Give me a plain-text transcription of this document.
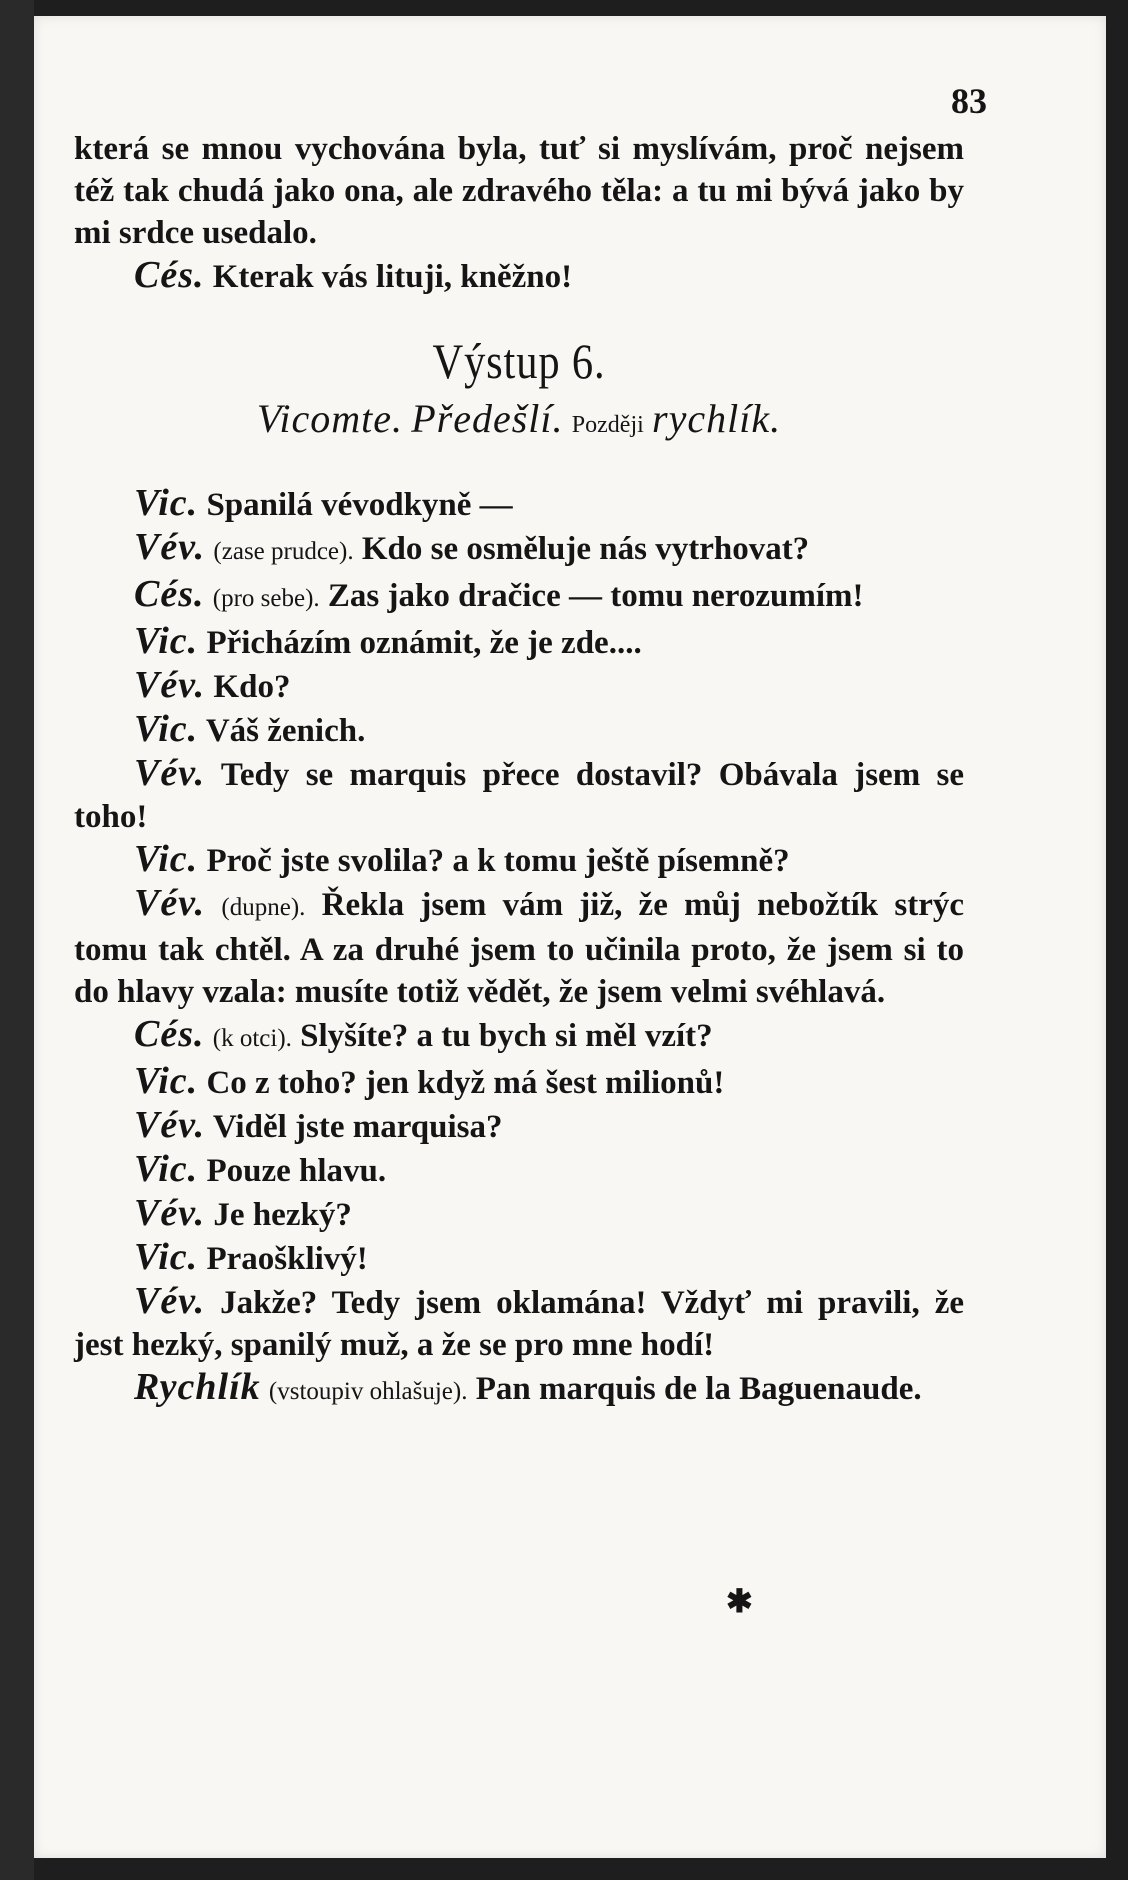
83

která se mnou vychována byla, tuť si myslívám, proč nejsem též tak chudá jako ona, ale zdravého těla: a tu mi bývá jako by mi srdce usedalo.

Cés. Kterak vás lituji, kněžno!

Výstup 6.
Vicomte. Předešlí. Později rychlík.

Vic. Spanilá vévodkyně —

Vév. (zase prudce). Kdo se osměluje nás vytrhovat?

Cés. (pro sebe). Zas jako dračice — tomu nerozumím!

Vic. Přicházím oznámit, že je zde....

Vév. Kdo?

Vic. Váš ženich.

Vév. Tedy se marquis přece dostavil? Obávala jsem se toho!

Vic. Proč jste svolila? a k tomu ještě písemně?

Vév. (dupne). Řekla jsem vám již, že můj nebožtík strýc tomu tak chtěl. A za druhé jsem to učinila proto, že jsem si to do hlavy vzala: musíte totiž vědět, že jsem velmi svéhlavá.

Cés. (k otci). Slyšíte? a tu bych si měl vzít?

Vic. Co z toho? jen když má šest milionů!

Vév. Viděl jste marquisa?

Vic. Pouze hlavu.

Vév. Je hezký?

Vic. Praošklivý!

Vév. Jakže? Tedy jsem oklamána! Vždyť mi pravili, že jest hezký, spanilý muž, a že se pro mne hodí!

Rychlík (vstoupiv ohlašuje). Pan marquis de la Baguenaude.

✱
